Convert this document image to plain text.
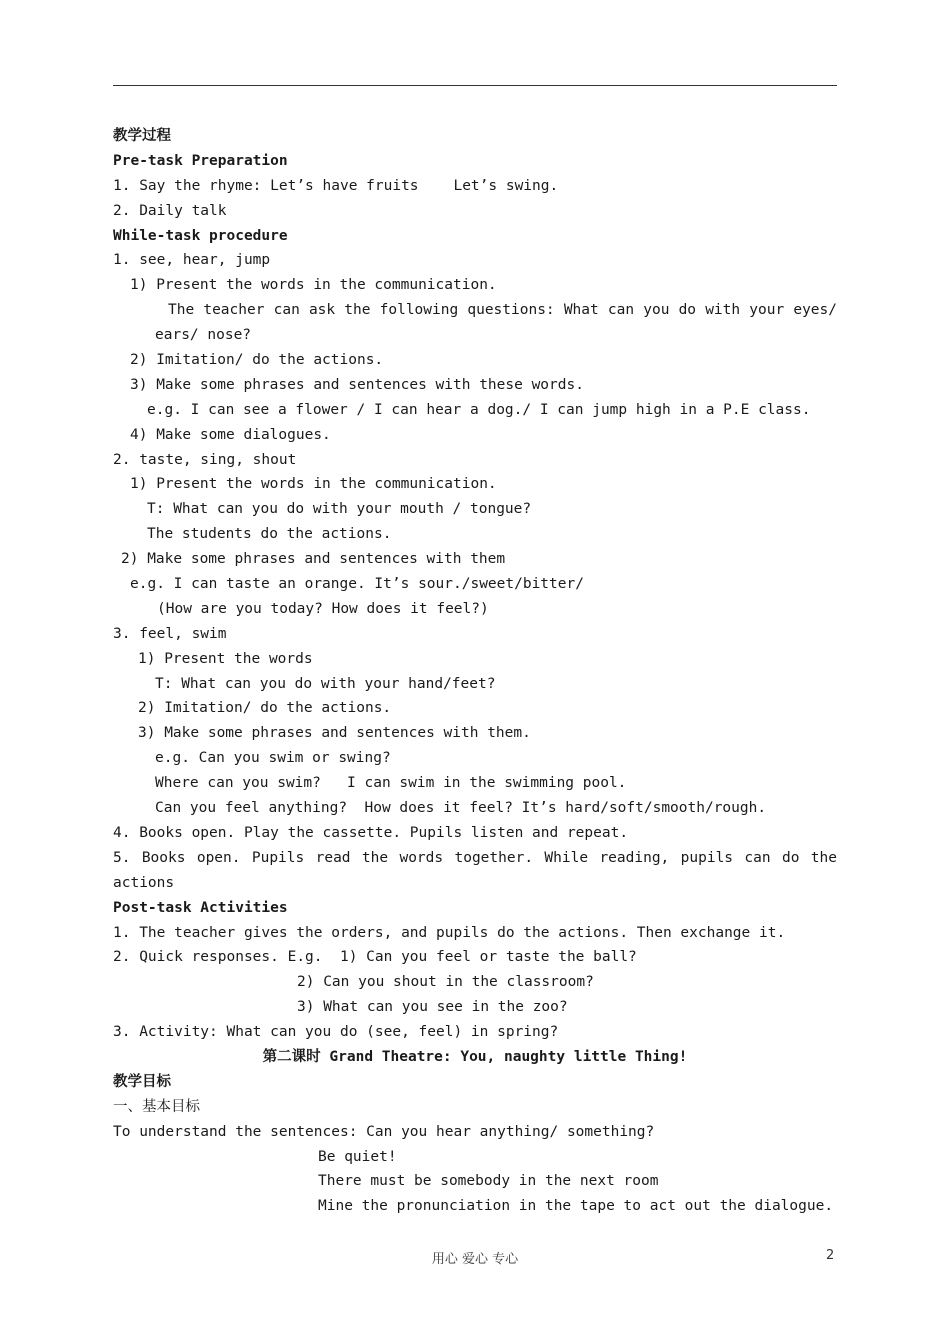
教学过程
Pre-task Preparation
1. Say the rhyme: Let’s have fruits    Let’s swing.
2. Daily talk
While-task procedure
1. see, hear, jump
1) Present the words in the communication.
The teacher can ask the following questions: What can you do with your eyes/
ears/ nose?
2) Imitation/ do the actions.
3) Make some phrases and sentences with these words.
e.g. I can see a flower / I can hear a dog./ I can jump high in a P.E class.
4) Make some dialogues.
2. taste, sing, shout
1) Present the words in the communication.
T: What can you do with your mouth / tongue?
The students do the actions.
2) Make some phrases and sentences with them
e.g. I can taste an orange. It’s sour./sweet/bitter/
(How are you today? How does it feel?)
3. feel, swim
1) Present the words
T: What can you do with your hand/feet?
2) Imitation/ do the actions.
3) Make some phrases and sentences with them.
e.g. Can you swim or swing?
Where can you swim?   I can swim in the swimming pool.
Can you feel anything?  How does it feel? It’s hard/soft/smooth/rough.
4. Books open. Play the cassette. Pupils listen and repeat.
5. Books open. Pupils read the words together. While reading, pupils can do the
actions
Post-task Activities
1. The teacher gives the orders, and pupils do the actions. Then exchange it.
2. Quick responses. E.g.  1) Can you feel or taste the ball?
2) Can you shout in the classroom?
3) What can you see in the zoo?
3. Activity: What can you do (see, feel) in spring?
第二课时 Grand Theatre: You, naughty little Thing!
教学目标
一、基本目标
To understand the sentences: Can you hear anything/ something?
Be quiet!
There must be somebody in the next room
Mine the pronunciation in the tape to act out the dialogue.
用心 爱心 专心	2
